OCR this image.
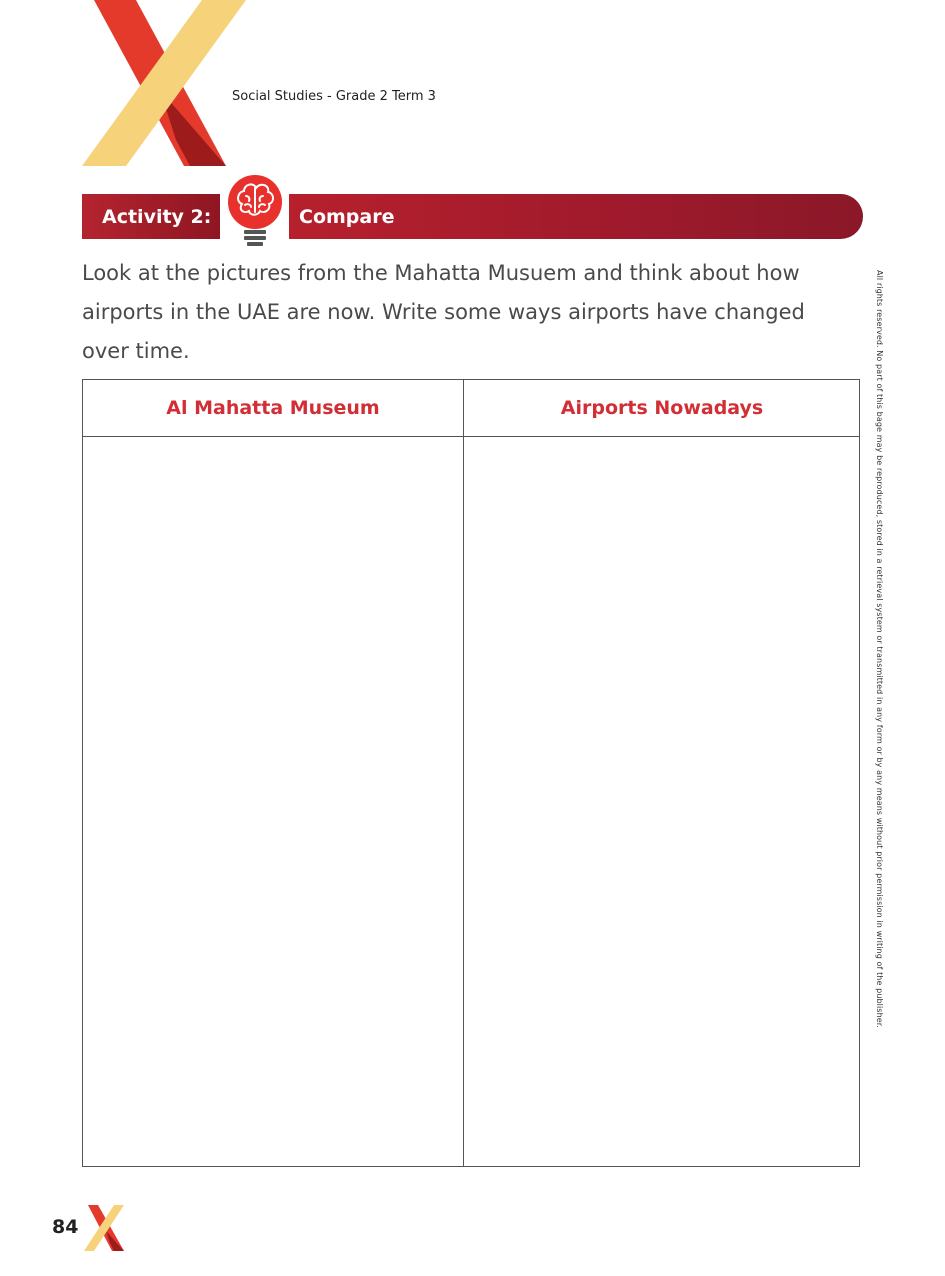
Social Studies - Grade 2 Term 3
Activity 2:	Compare
Look at the pictures from the Mahatta Musuem and think about how airports in the UAE are now. Write some ways airports have changed over time.
Al Mahatta Museum	Airports Nowadays	All rights reserved. No part of this bage may be reproduced, stored in a retrieval system or transmitted in any form or by any means without prior permission in writing of the publisher.
84
